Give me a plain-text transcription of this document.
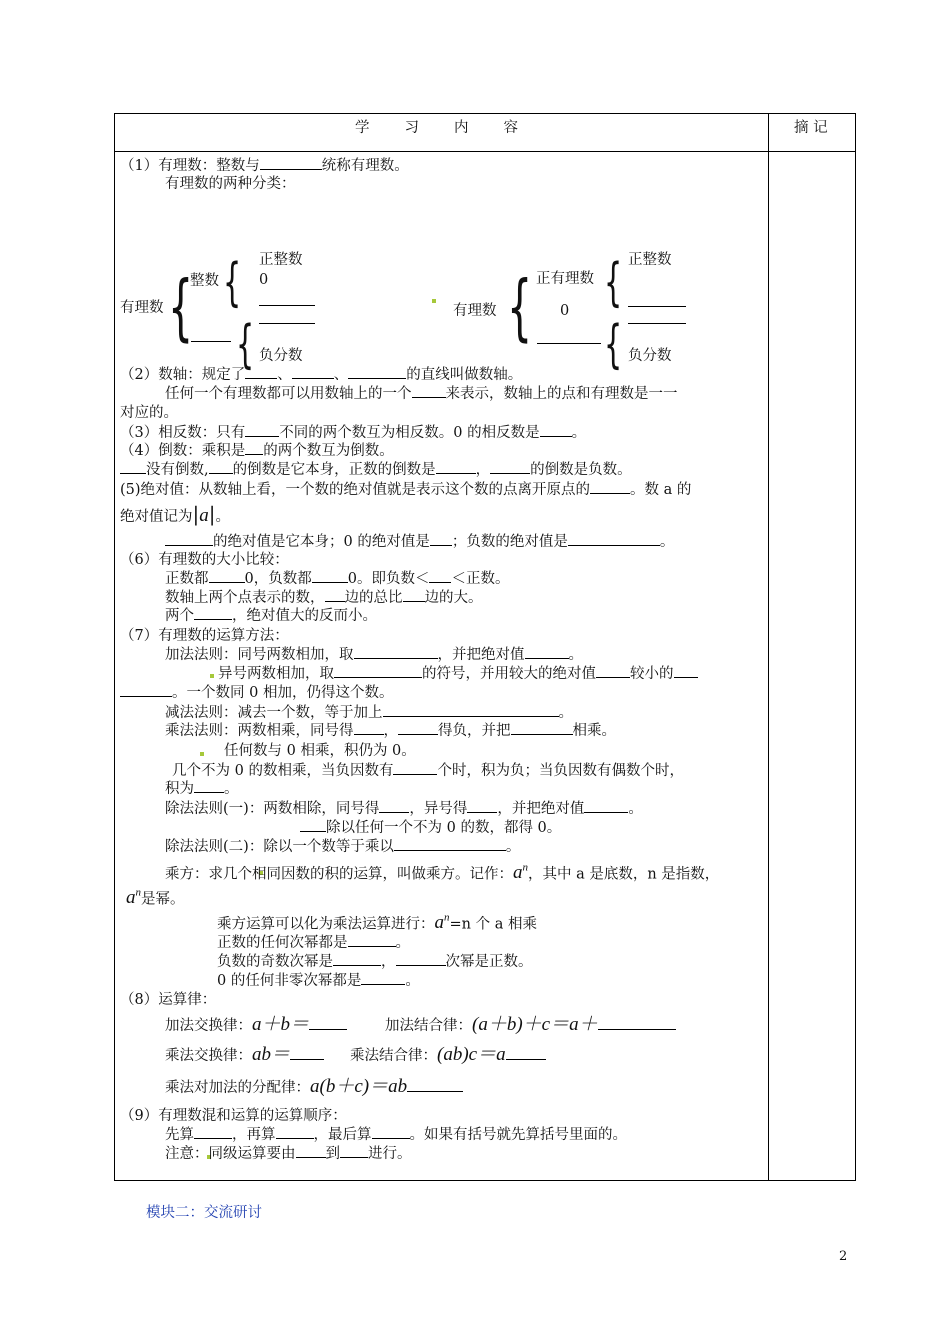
学　　习　　内　　容	摘 记
（1）有理数：整数与	统称有理数。
有理数的两种分类：
有理数 {
整数 { 正整数
0
{ 负分数
有理数 { 正有理数
0 { 正整数
{ 负分数
（2）数轴：规定了 、	、	的直线叫做数轴。
任何一个有理数都可以用数轴上的一个 来表示，数轴上的点和有理数是一一
对应的。
（3）相反数：只有 不同的两个数互为相反数。0 的相反数是 。
（4）倒数：乘积是 的两个数互为倒数。
没有倒数, 的倒数是它本身，正数的倒数是	，	的倒数是负数。
(5)绝对值：从数轴上看，一个数的绝对值就是表示这个数的点离开原点的	。数 a 的
绝对值记为|a|。
的绝对值是它本身；0 的绝对值是 ；负数的绝对值是	。
（6）有理数的大小比较：
正数都 0，负数都 0。即负数＜ ＜正数。
数轴上两个点表示的数， 边的总比 边的大。
两个	，绝对值大的反而小。
（7）有理数的运算方法：
加法法则：同号两数相加，取	，并把绝对值	。
异号两数相加，取	的符号，并用较大的绝对值 较小的
。一个数同 0 相加，仍得这个数。
减法法则：减去一个数，等于加上	。
乘法法则：两数相乘，同号得 ，	得负，并把	相乘。
任何数与 0 相乘，积仍为 0。
几个不为 0 的数相乘，当负因数有	个时，积为负；当负因数有偶数个时，
积为 。
除法法则(一)：两数相除，同号得 ，异号得 ，并把绝对值	。
除以任何一个不为 0 的数，都得 0。
除法法则(二)：除以一个数等于乘以	。
乘方：求几个相同因数的积的运算，叫做乘方。记作：$a^n$，其中 a 是底数，n 是指数，
$a^n$是幂。
乘方运算可以化为乘法运算进行：$a^n=n$ 个 a 相乘
正数的任何次幂都是	。
负数的奇数次幂是	，	次幂是正数。
0 的任何非零次幂都是	。
（8）运算律：
加法交换律：a＋b＝	加法结合律：(a＋b)＋c＝a＋
乘法交换律：ab＝	乘法结合律：(ab)c＝a
乘法对加法的分配律：a(b＋c)＝ab
（9）有理数混和运算的运算顺序：
先算	，再算	，最后算	。如果有括号就先算括号里面的。
注意：同级运算要由 到 进行。
模块二：交流研讨
2
